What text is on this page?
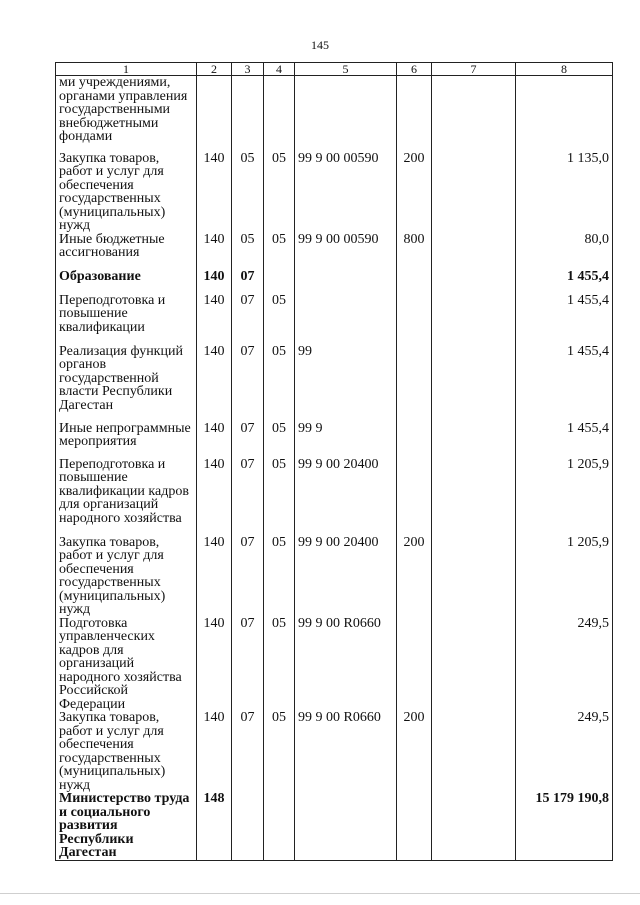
145
1	2	3	4	5	6	7	8
ми учреждениями, органами управления государственными внебюджетными фондами							
Закупка товаров, работ и услуг для обеспечения государственных (муниципальных) нужд	140	05	05	99 9 00 00590	200		1 135,0
Иные бюджетные ассигнования	140	05	05	99 9 00 00590	800		80,0
Образование	140	07					1 455,4
Переподготовка и повышение квалификации	140	07	05				1 455,4
Реализация функций органов государственной власти Республики Дагестан	140	07	05	99			1 455,4
Иные непрограммные мероприятия	140	07	05	99 9			1 455,4
Переподготовка и повышение квалификации кадров для организаций народного хозяйства	140	07	05	99 9 00 20400			1 205,9
Закупка товаров, работ и услуг для обеспечения государственных (муниципальных) нужд	140	07	05	99 9 00 20400	200		1 205,9
Подготовка управленческих кадров для организаций народного хозяйства Российской Федерации	140	07	05	99 9 00 R0660			249,5
Закупка товаров, работ и услуг для обеспечения государственных (муниципальных) нужд	140	07	05	99 9 00 R0660	200		249,5
Министерство труда и социального развития Республики Дагестан	148						15 179 190,8
